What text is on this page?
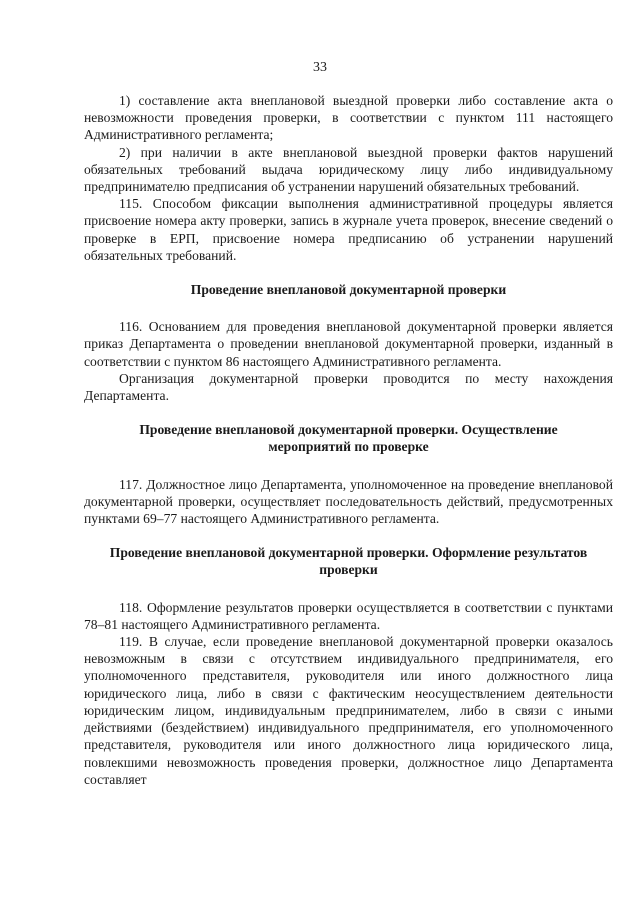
33

1) составление акта внеплановой выездной проверки либо составление акта о невозможности проведения проверки, в соответствии с пунктом 111 настоящего Административного регламента;

2) при наличии в акте внеплановой выездной проверки фактов нарушений обязательных требований выдача юридическому лицу либо индивидуальному предпринимателю предписания об устранении нарушений обязательных требований.

115. Способом фиксации выполнения административной процедуры является присвоение номера акту проверки, запись в журнале учета проверок, внесение сведений о проверке в ЕРП, присвоение номера предписанию об устранении нарушений обязательных требований.

Проведение внеплановой документарной проверки

116. Основанием для проведения внеплановой документарной проверки является приказ Департамента о проведении внеплановой документарной проверки, изданный в соответствии с пунктом 86 настоящего Административного регламента.

Организация документарной проверки проводится по месту нахождения Департамента.

Проведение внеплановой документарной проверки. Осуществление

мероприятий по проверке

117. Должностное лицо Департамента, уполномоченное на проведение внеплановой документарной проверки, осуществляет последовательность действий, предусмотренных пунктами 69–77 настоящего Административного регламента.

Проведение внеплановой документарной проверки. Оформление результатов

проверки

118. Оформление результатов проверки осуществляется в соответствии с пунктами 78–81 настоящего Административного регламента.

119. В случае, если проведение внеплановой документарной проверки оказалось невозможным в связи с отсутствием индивидуального предпринимателя, его уполномоченного представителя, руководителя или иного должностного лица юридического лица, либо в связи с фактическим неосуществлением деятельности юридическим лицом, индивидуальным предпринимателем, либо в связи с иными действиями (бездействием) индивидуального предпринимателя, его уполномоченного представителя, руководителя или иного должностного лица юридического лица, повлекшими невозможность проведения проверки, должностное лицо Департамента составляет
